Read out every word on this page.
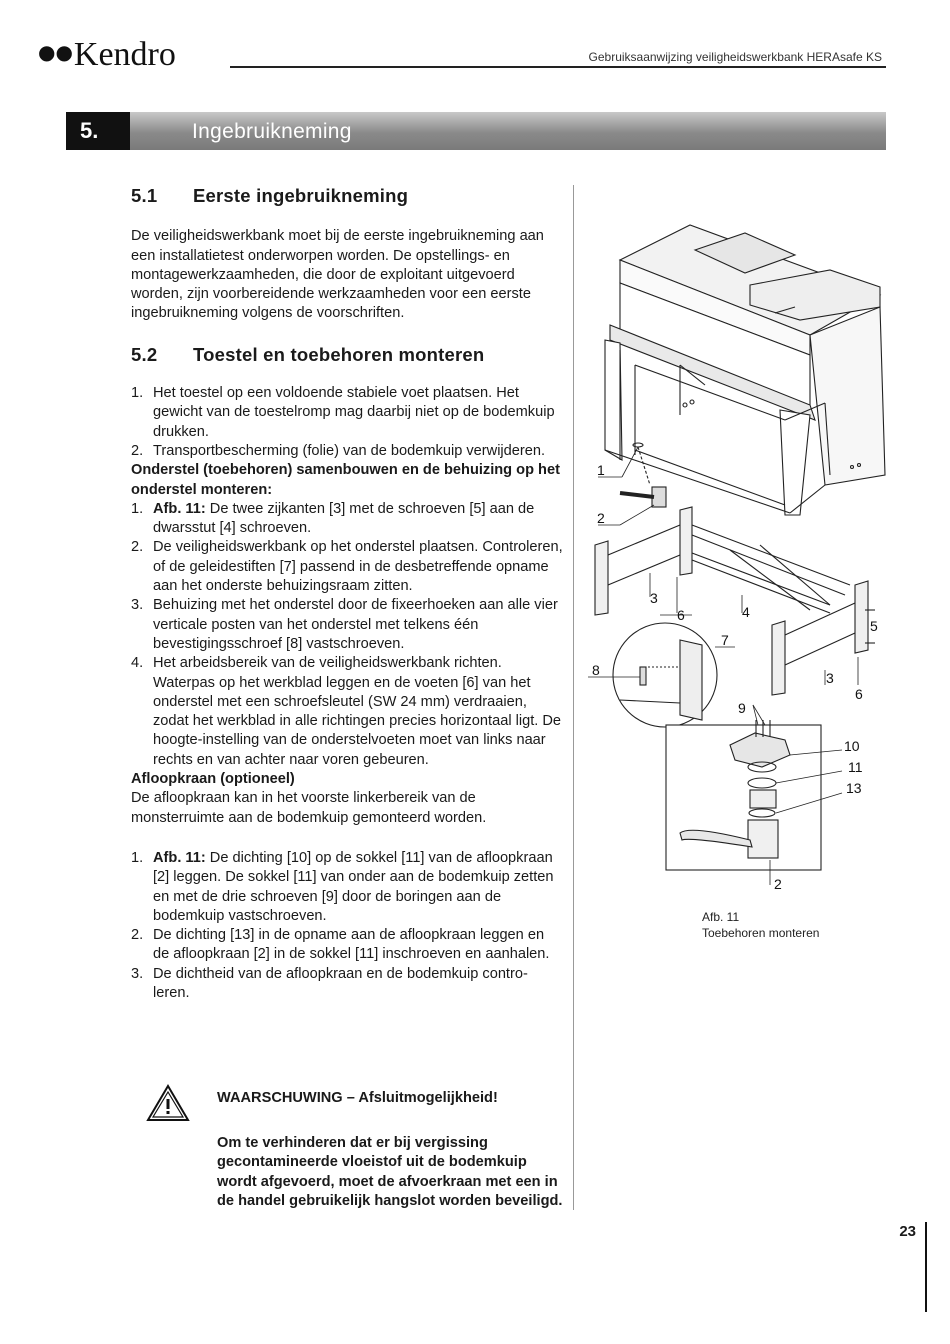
●●Kendro	Gebruiksaanwijzing veiligheidswerkbank HERAsafe KS
5.	Ingebruikneming
5.1 Eerste ingebruikneming

De veiligheidswerkbank moet bij de eerste ingebruikneming aan een installatietest onderworpen worden. De opstellings- en montagewerkzaamheden, die door de exploitant uitgevoerd worden, zijn voorbereidende werkzaamheden voor een eerste ingebruikneming volgens de voorschriften.

5.2 Toestel en toebehoren monteren
1. Het toestel op een voldoende stabiele voet plaatsen. Het gewicht van de toestelromp mag daarbij niet op de bodemkuip drukken.
2. Transportbescherming (folie) van de bodemkuip verwijderen.

Onderstel (toebehoren) samenbouwen en de behuizing op het onderstel monteren:

1. Afb. 11: De twee zijkanten [3] met de schroeven [5] aan de dwarsstut [4] schroeven.
2. De veiligheidswerkbank op het onderstel plaatsen. Controleren, of de geleidestiften [7] passend in de desbetreffende opname aan het onderste behuizingsraam zitten.
3. Behuizing met het onderstel door de fixeerhoeken aan alle vier verticale posten van het onderstel met telkens één bevestigingsschroef [8] vastschroeven.
4. Het arbeidsbereik van de veiligheidswerkbank richten. Waterpas op het werkblad leggen en de voeten [6] van het onderstel met een schroefsleutel (SW 24 mm) verdraaien, zodat het werkblad in alle richtingen precies horizontaal ligt. De hoogte-instelling van de onderstelvoeten moet van links naar rechts en van achter naar voren gebeuren.

Afloopkraan (optioneel)

De afloopkraan kan in het voorste linkerbereik van de monsterruimte aan de bodemkuip gemonteerd worden.

1. Afb. 11: De dichting [10] op de sokkel [11] van de afloopkraan [2] leggen. De sokkel [11] van onder aan de bodemkuip zetten en met de drie schroeven [9] door de boringen aan de bodemkuip vastschroeven.
2. De dichting [13] in de opname aan de afloopkraan leggen en de afloopkraan [2] in de sokkel [11] inschroeven en aanhalen.
3. De dichtheid van de afloopkraan en de bodemkuip contro-
leren.
WAARSCHUWING – Afsluitmogelijkheid!
Om te verhinderen dat er bij vergissing gecontamineerde vloeistof uit de bodemkuip wordt afgevoerd, moet de afvoerkraan met een in de handel gebruikelijk hangslot worden beveiligd.
1
2
3
6	4
7
5
8	3
6
9
10
11
13
2
Afb. 11
Toebehoren monteren
23
